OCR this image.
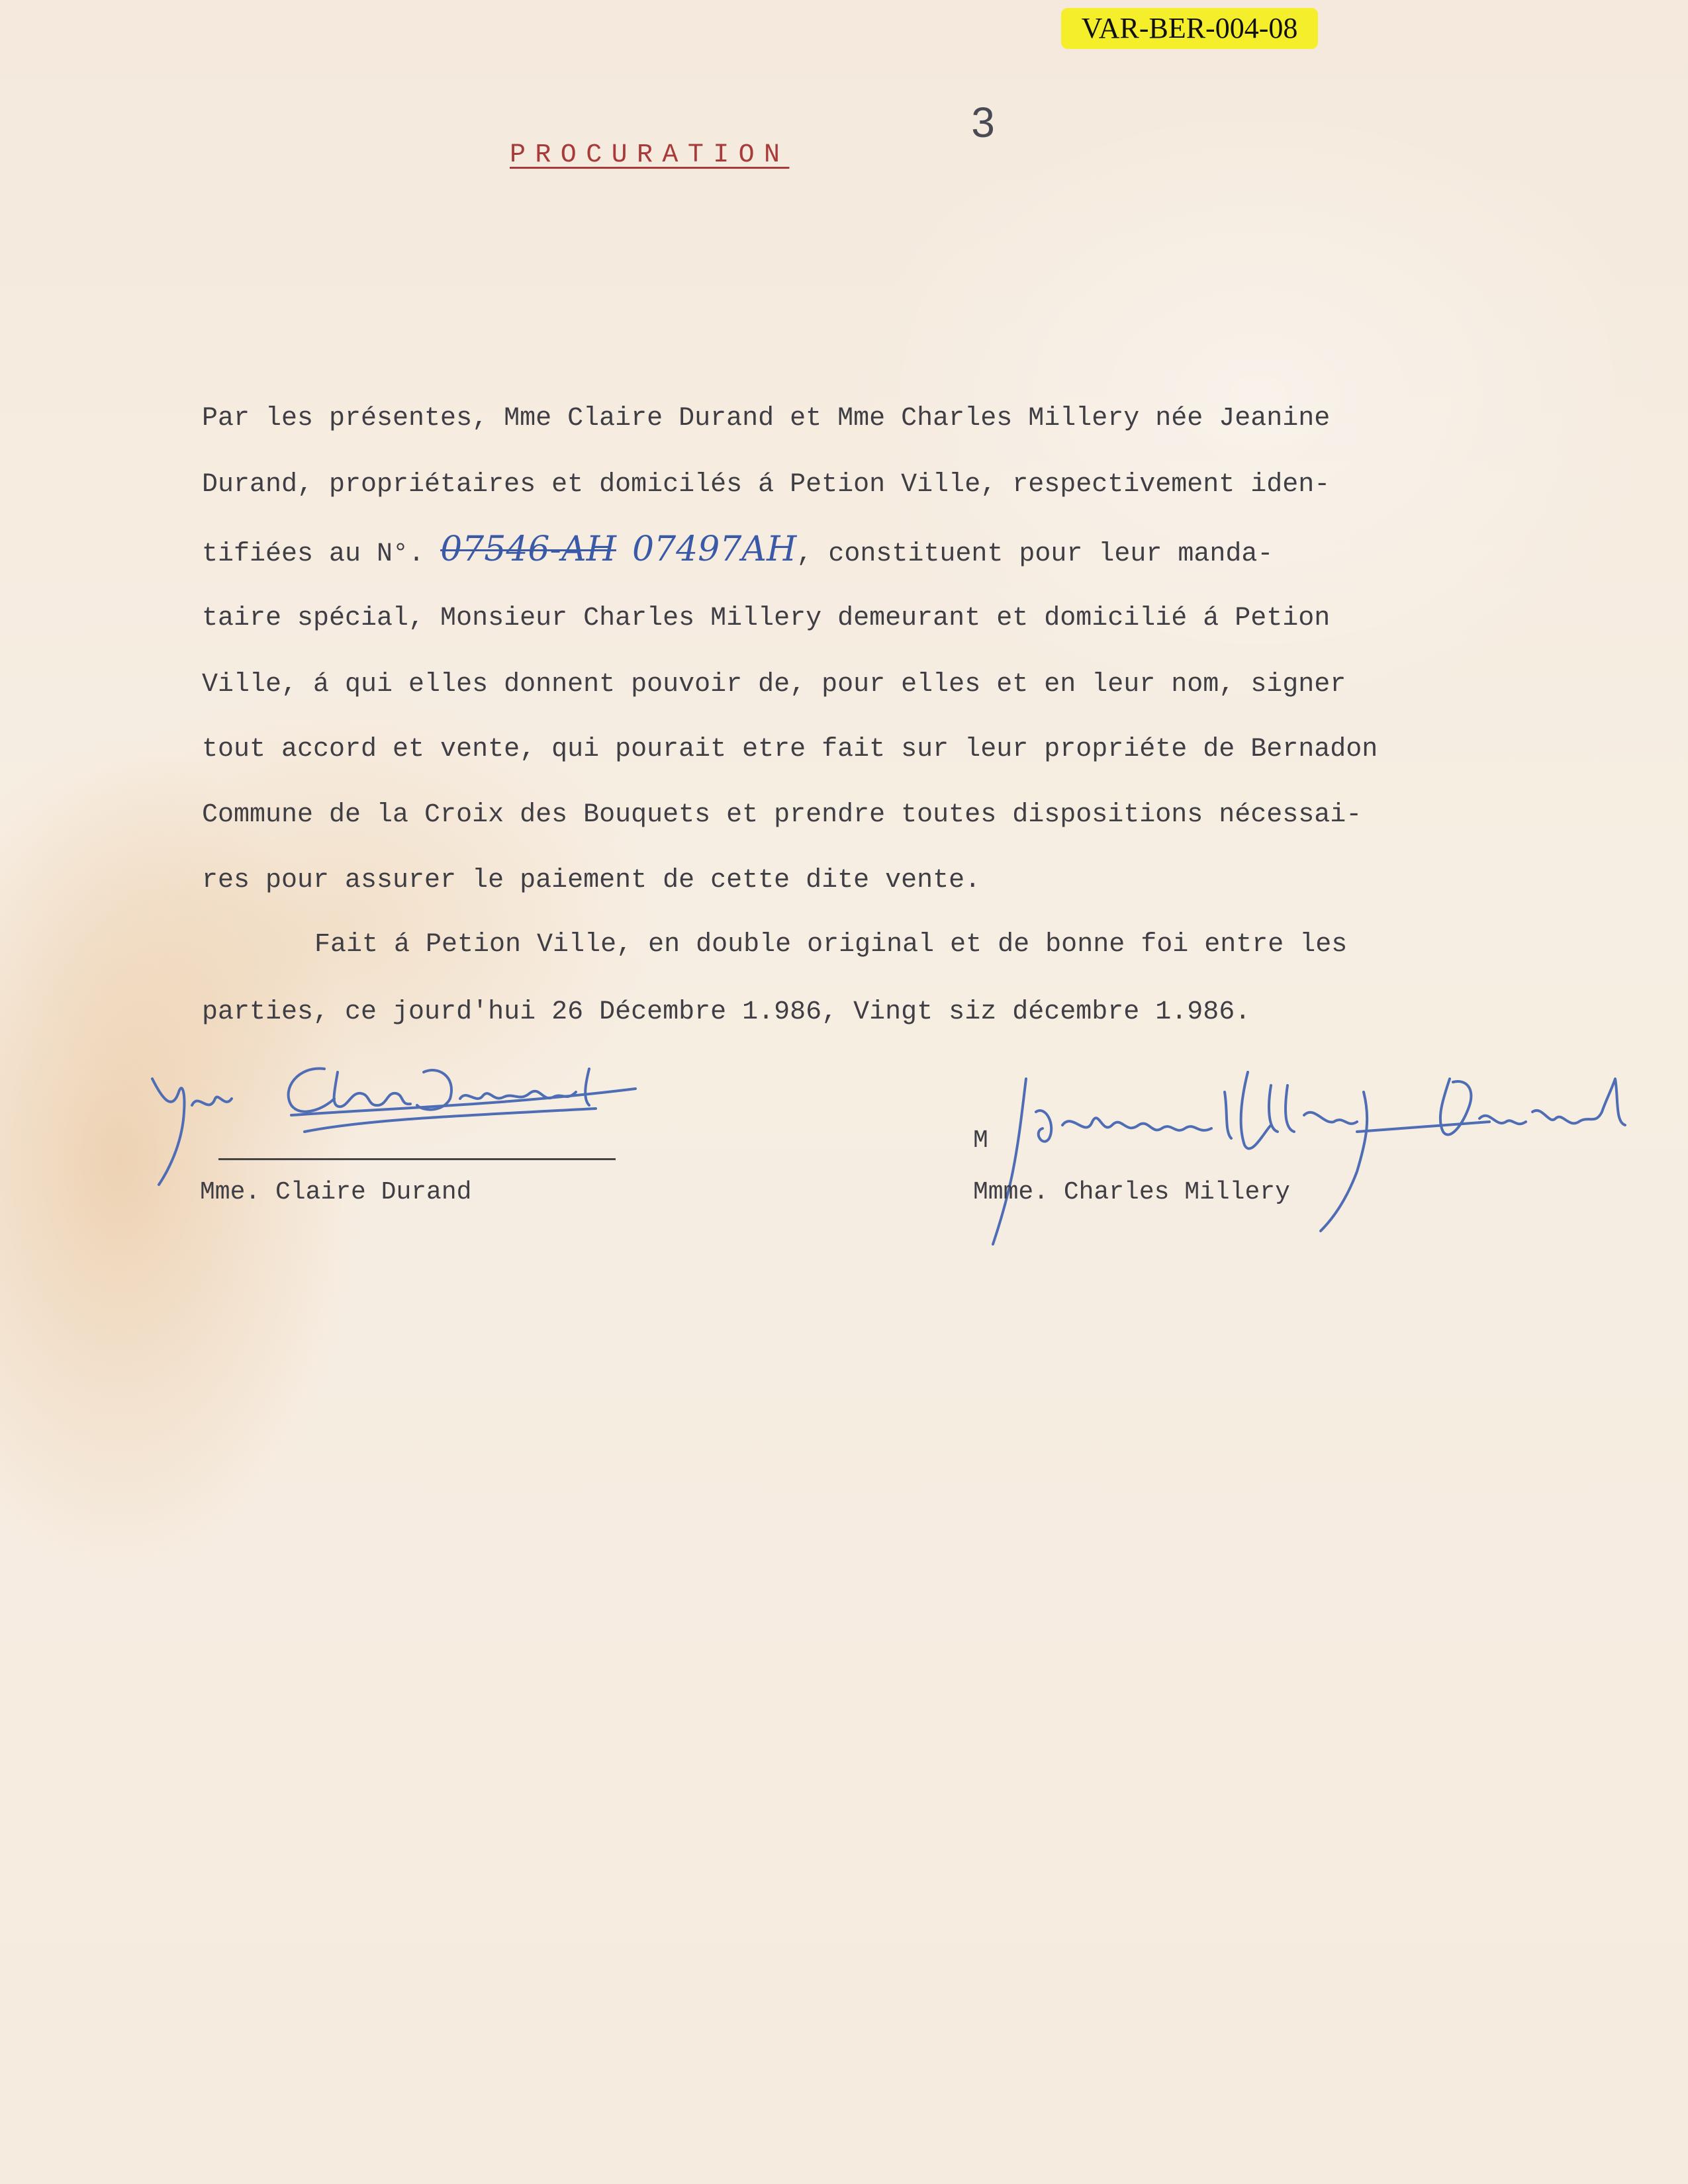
VAR-BER-004-08
3
PROCURATION
Par les présentes, Mme Claire Durand et Mme Charles Millery née Jeanine
Durand, propriétaires et domicilés á Petion Ville, respectivement iden-
tifiées au N°. 07546-AH 07497AH, constituent pour leur manda-
taire spécial, Monsieur Charles Millery demeurant et domicilié á Petion
Ville, á qui elles donnent pouvoir de, pour elles et en leur nom, signer
tout accord et vente, qui pourait etre fait sur leur propriéte de Bernadon
Commune de la Croix des Bouquets et prendre toutes dispositions nécessai-
res pour assurer le paiement de cette dite vente.
Fait á Petion Ville, en double original et de bonne foi entre les
parties, ce jourd'hui 26 Décembre 1.986, Vingt siz décembre 1.986.
Mme. Claire Durand
M
Mmme. Charles Millery
